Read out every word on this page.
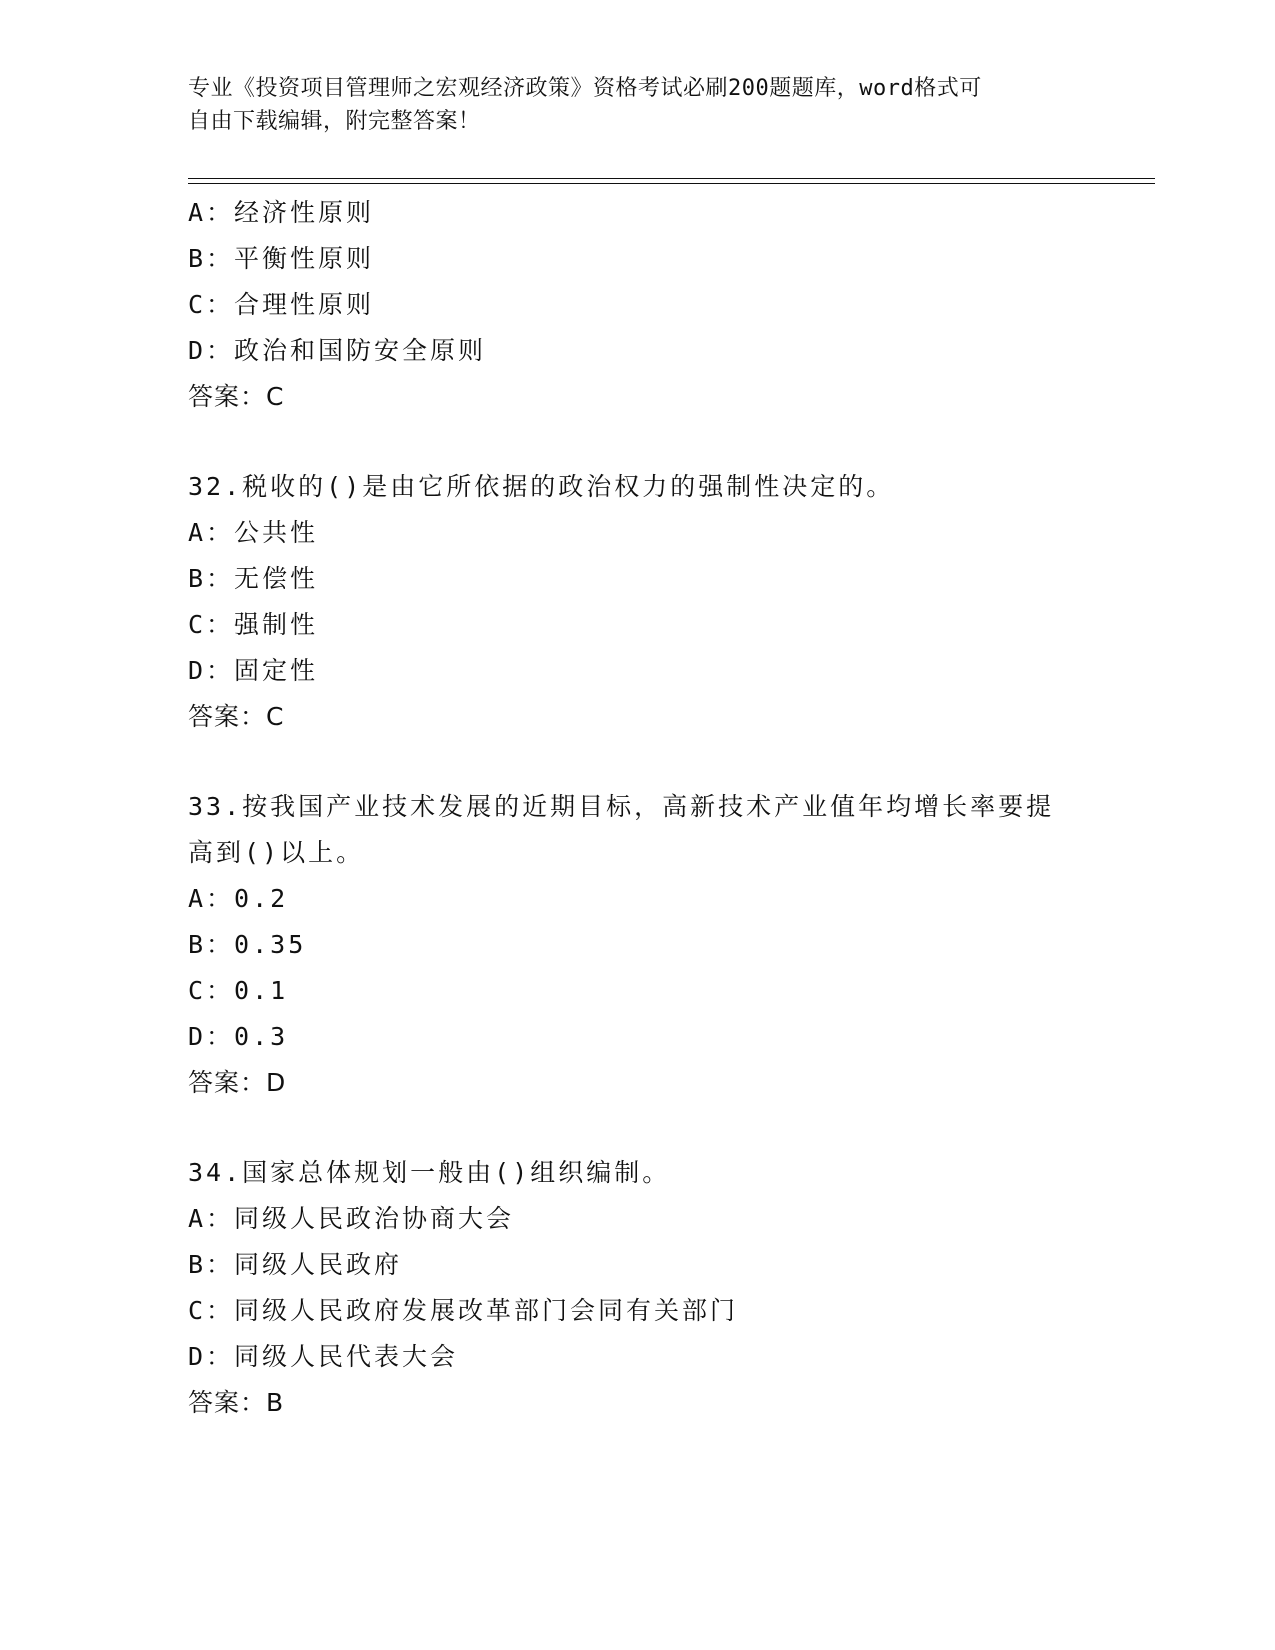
专业《投资项目管理师之宏观经济政策》资格考试必刷200题题库，word格式可
自由下载编辑，附完整答案！
A：经济性原则
B：平衡性原则
C：合理性原则
D：政治和国防安全原则
答案：C
32.税收的()是由它所依据的政治权力的强制性决定的。
A：公共性
B：无偿性
C：强制性
D：固定性
答案：C
33.按我国产业技术发展的近期目标，高新技术产业值年均增长率要提
高到()以上。
A：0.2
B：0.35
C：0.1
D：0.3
答案：D
34.国家总体规划一般由()组织编制。
A：同级人民政治协商大会
B：同级人民政府
C：同级人民政府发展改革部门会同有关部门
D：同级人民代表大会
答案：B
